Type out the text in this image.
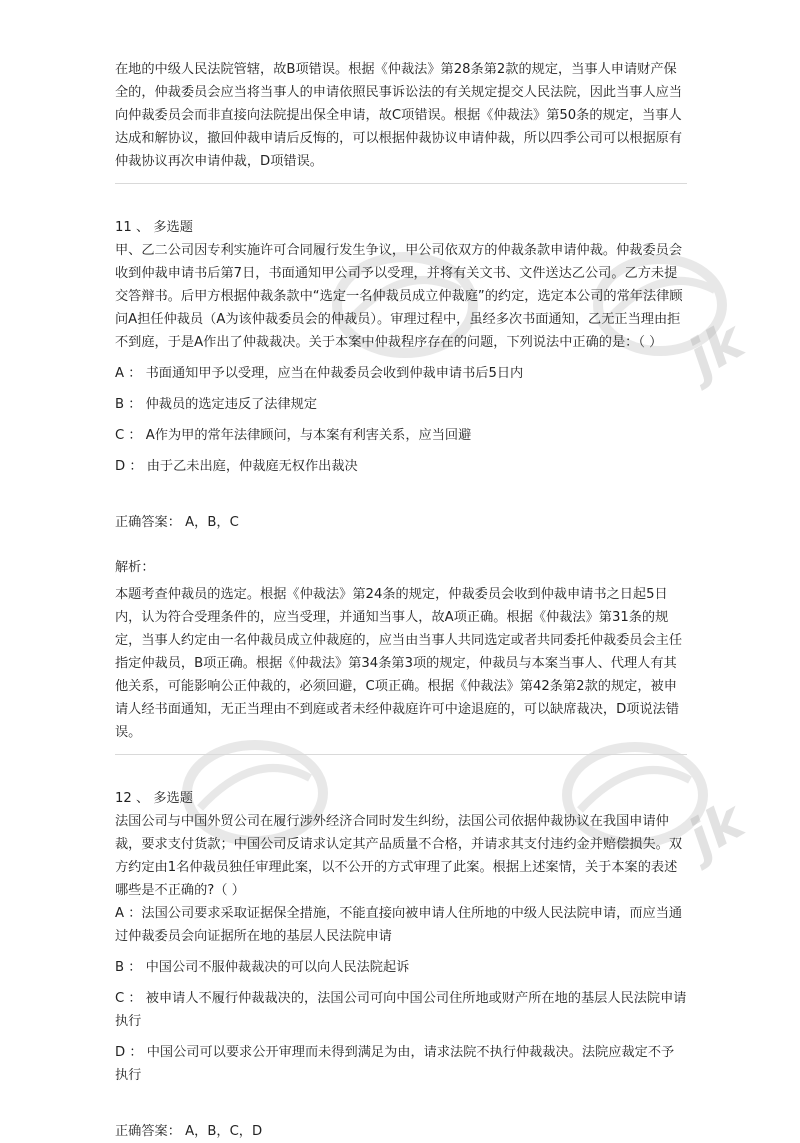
jk
jk

在地的中级人民法院管辖，故B项错误。根据《仲裁法》第28条第2款的规定，当事人申请财产保全的，仲裁委员会应当将当事人的申请依照民事诉讼法的有关规定提交人民法院，因此当事人应当向仲裁委员会而非直接向法院提出保全申请，故C项错误。根据《仲裁法》第50条的规定，当事人达成和解协议，撤回仲裁申请后反悔的，可以根据仲裁协议申请仲裁，所以四季公司可以根据原有仲裁协议再次申请仲裁，D项错误。

11 、 多选题

甲、乙二公司因专利实施许可合同履行发生争议，甲公司依双方的仲裁条款申请仲裁。仲裁委员会收到仲裁申请书后第7日，书面通知甲公司予以受理，并将有关文书、文件送达乙公司。乙方未提交答辩书。后甲方根据仲裁条款中“选定一名仲裁员成立仲裁庭”的约定，选定本公司的常年法律顾问A担任仲裁员（A为该仲裁委员会的仲裁员）。审理过程中，虽经多次书面通知，乙无正当理由拒不到庭，于是A作出了仲裁裁决。关于本案中仲裁程序存在的问题，下列说法中正确的是：（ ）

A ： 书面通知甲予以受理，应当在仲裁委员会收到仲裁申请书后5日内

B ： 仲裁员的选定违反了法律规定

C ： A作为甲的常年法律顾问，与本案有利害关系，应当回避

D ： 由于乙未出庭，仲裁庭无权作出裁决

正确答案： A，B，C

解析：

本题考查仲裁员的选定。根据《仲裁法》第24条的规定，仲裁委员会收到仲裁申请书之日起5日内，认为符合受理条件的，应当受理，并通知当事人，故A项正确。根据《仲裁法》第31条的规定，当事人约定由一名仲裁员成立仲裁庭的，应当由当事人共同选定或者共同委托仲裁委员会主任指定仲裁员，B项正确。根据《仲裁法》第34条第3项的规定，仲裁员与本案当事人、代理人有其他关系，可能影响公正仲裁的，必须回避，C项正确。根据《仲裁法》第42条第2款的规定，被申请人经书面通知，无正当理由不到庭或者未经仲裁庭许可中途退庭的，可以缺席裁决，D项说法错误。

12 、 多选题

法国公司与中国外贸公司在履行涉外经济合同时发生纠纷，法国公司依据仲裁协议在我国申请仲裁，要求支付货款；中国公司反请求认定其产品质量不合格，并请求其支付违约金并赔偿损失。双方约定由1名仲裁员独任审理此案，以不公开的方式审理了此案。根据上述案情，关于本案的表述哪些是不正确的?（ ）

A ：法国公司要求采取证据保全措施，不能直接向被申请人住所地的中级人民法院申请，而应当通过仲裁委员会向证据所在地的基层人民法院申请

B ： 中国公司不服仲裁裁决的可以向人民法院起诉

C ： 被申请人不履行仲裁裁决的，法国公司可向中国公司住所地或财产所在地的基层人民法院申请执行

D ： 中国公司可以要求公开审理而未得到满足为由，请求法院不执行仲裁裁决。法院应裁定不予执行

正确答案： A，B，C，D
